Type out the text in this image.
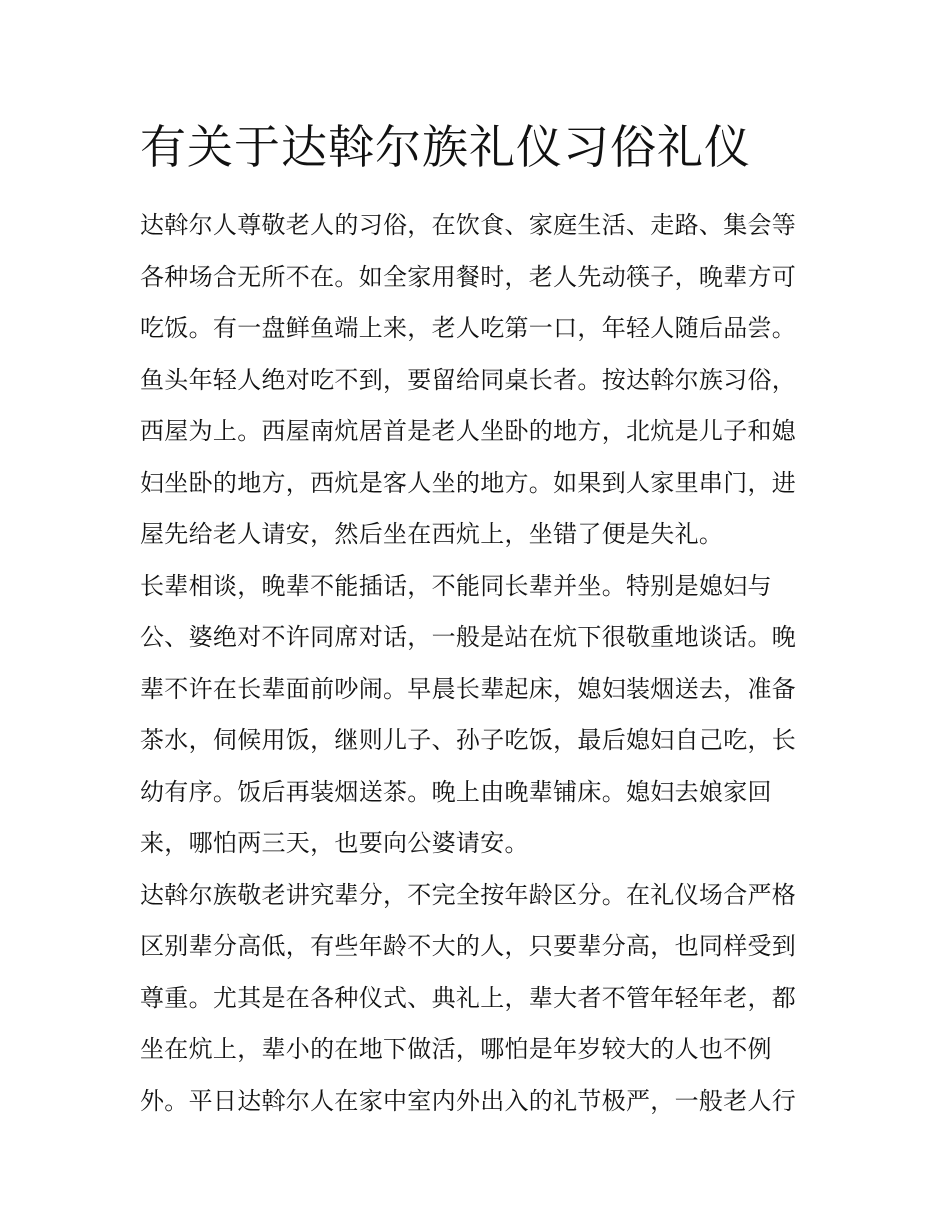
有关于达斡尔族礼仪习俗礼仪
达斡尔人尊敬老人的习俗，在饮食、家庭生活、走路、集会等
各种场合无所不在。如全家用餐时，老人先动筷子，晚辈方可
吃饭。有一盘鲜鱼端上来，老人吃第一口，年轻人随后品尝。
鱼头年轻人绝对吃不到，要留给同桌长者。按达斡尔族习俗，
西屋为上。西屋南炕居首是老人坐卧的地方，北炕是儿子和媳
妇坐卧的地方，西炕是客人坐的地方。如果到人家里串门，进
屋先给老人请安，然后坐在西炕上，坐错了便是失礼。
长辈相谈，晚辈不能插话，不能同长辈并坐。特别是媳妇与
公、婆绝对不许同席对话，一般是站在炕下很敬重地谈话。晚
辈不许在长辈面前吵闹。早晨长辈起床，媳妇装烟送去，准备
茶水，伺候用饭，继则儿子、孙子吃饭，最后媳妇自己吃，长
幼有序。饭后再装烟送茶。晚上由晚辈铺床。媳妇去娘家回
来，哪怕两三天，也要向公婆请安。
达斡尔族敬老讲究辈分，不完全按年龄区分。在礼仪场合严格
区别辈分高低，有些年龄不大的人，只要辈分高，也同样受到
尊重。尤其是在各种仪式、典礼上，辈大者不管年轻年老，都
坐在炕上，辈小的在地下做活，哪怕是年岁较大的人也不例
外。平日达斡尔人在家中室内外出入的礼节极严，一般老人行
